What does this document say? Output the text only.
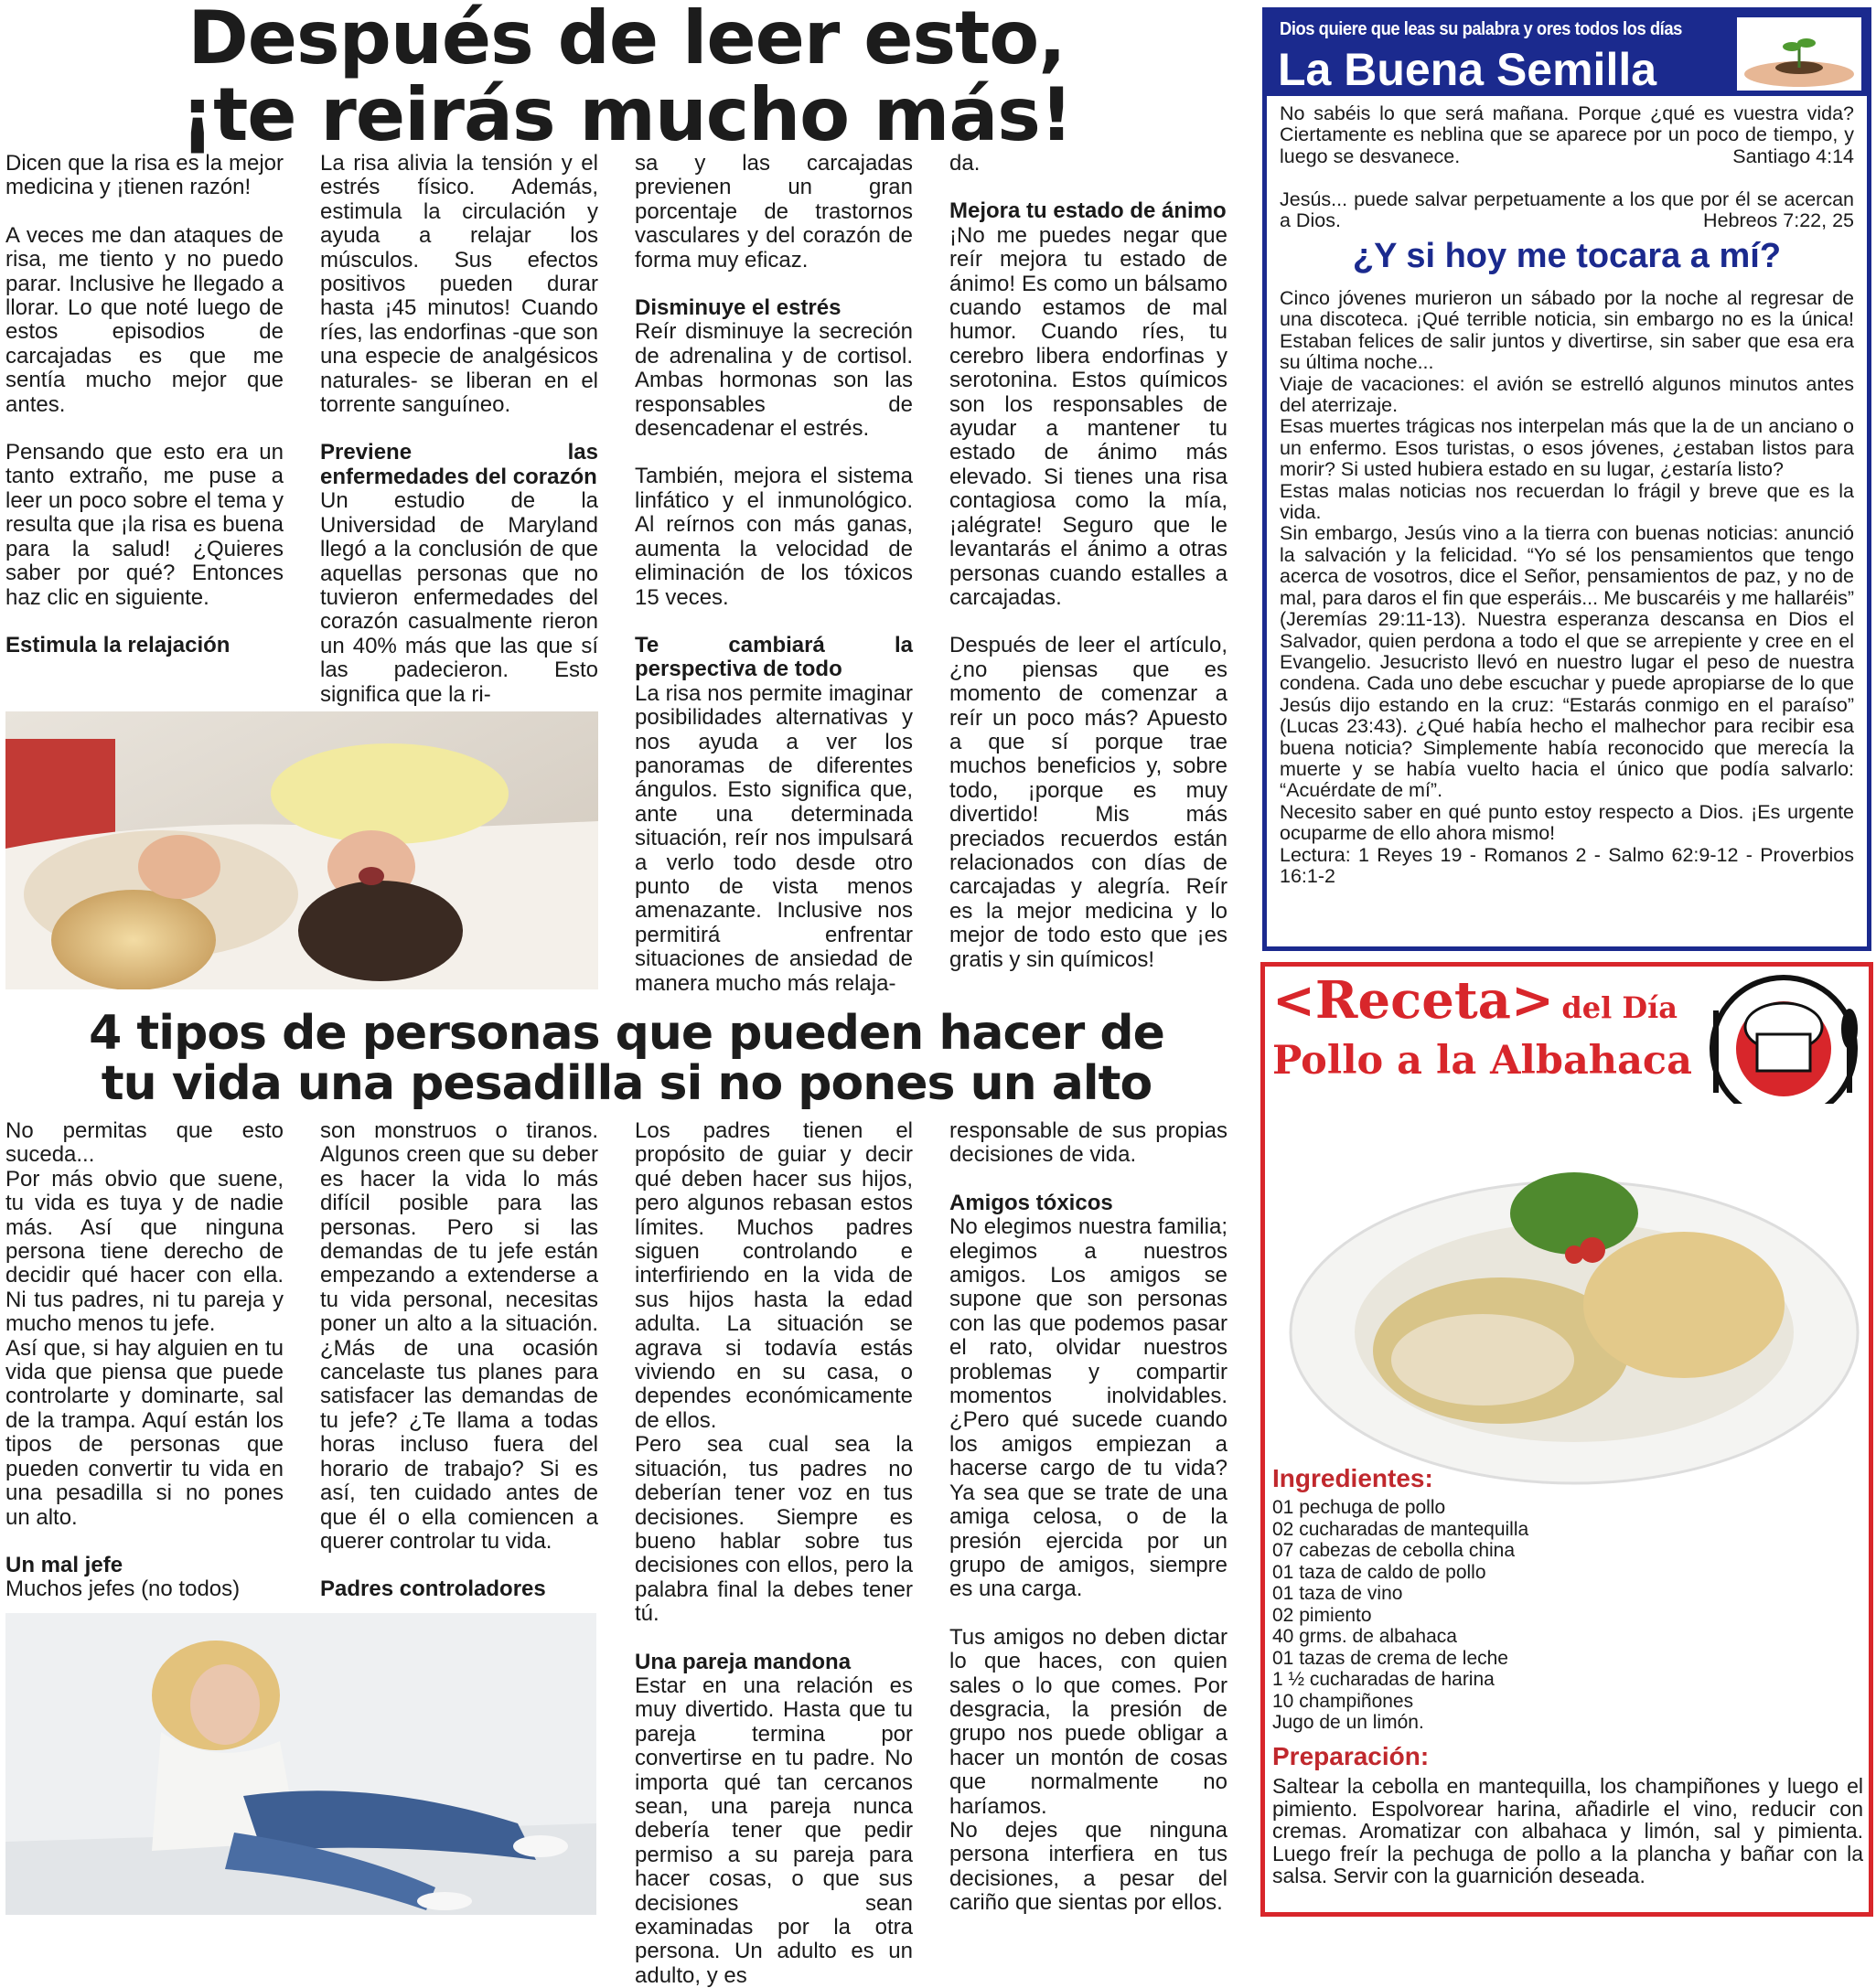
Después de leer esto,
¡te reirás mucho más!

Dicen que la risa es la mejor medicina y ¡tienen razón!

A veces me dan ataques de risa, me tiento y no puedo parar. Inclusive he llegado a llorar. Lo que noté luego de estos episodios de carcajadas es que me sentía mucho mejor que antes.

Pensando que esto era un tanto extraño, me puse a leer un poco sobre el tema y resulta que ¡la risa es buena para la salud! ¿Quieres saber por qué? Entonces haz clic en siguiente.

Estimula la relajación

La risa alivia la tensión y el estrés físico. Además, estimula la circulación y ayuda a relajar los músculos. Sus efectos positivos pueden durar hasta ¡45 minutos! Cuando ríes, las endorfinas -que son una especie de analgésicos naturales- se liberan en el torrente sanguíneo.

Previene las enfermedades del corazón

Un estudio de la Universidad de Maryland llegó a la conclusión de que aquellas personas que no tuvieron enfermedades del corazón casualmente rieron un 40% más que las que sí las padecieron. Esto significa que la ri-

sa y las carcajadas previenen un gran porcentaje de trastornos vasculares y del corazón de forma muy eficaz.

Disminuye el estrés

Reír disminuye la secreción de adrenalina y de cortisol. Ambas hormonas son las responsables de desencadenar el estrés.

También, mejora el sistema linfático y el inmunológico. Al reírnos con más ganas, aumenta la velocidad de eliminación de los tóxicos 15 veces.

Te cambiará la perspectiva de todo

La risa nos permite imaginar posibilidades alternativas y nos ayuda a ver los panoramas de diferentes ángulos. Esto significa que, ante una determinada situación, reír nos impulsará a verlo todo desde otro punto de vista menos amenazante. Inclusive nos permitirá enfrentar situaciones de ansiedad de manera mucho más relaja-

da.

Mejora tu estado de ánimo

¡No me puedes negar que reír mejora tu estado de ánimo! Es como un bálsamo cuando estamos de mal humor. Cuando ríes, tu cerebro libera endorfinas y serotonina. Estos químicos son los responsables de ayudar a mantener tu estado de ánimo más elevado. Si tienes una risa contagiosa como la mía, ¡alégrate! Seguro que le levantarás el ánimo a otras personas cuando estalles a carcajadas.

Después de leer el artículo, ¿no piensas que es momento de comenzar a reír un poco más? Apuesto a que sí porque trae muchos beneficios y, sobre todo, ¡porque es muy divertido! Mis más preciados recuerdos están relacionados con días de carcajadas y alegría. Reír es la mejor medicina y lo mejor de todo esto que ¡es gratis y sin químicos!

4 tipos de personas que pueden hacer de
tu vida una pesadilla si no pones un alto
No permitas que esto suceda...
Por más obvio que suene, tu vida es tuya y de nadie más. Así que ninguna persona tiene derecho de decidir qué hacer con ella. Ni tus padres, ni tu pareja y mucho menos tu jefe.

Así que, si hay alguien en tu vida que piensa que puede controlarte y dominarte, sal de la trampa. Aquí están los tipos de personas que pueden convertir tu vida en una pesadilla si no pones un alto.

Un mal jefe
Muchos jefes (no todos)

son monstruos o tiranos. Algunos creen que su deber es hacer la vida lo más difícil posible para las personas. Pero si las demandas de tu jefe están empezando a extenderse a tu vida personal, necesitas poner un alto a la situación. ¿Más de una ocasión cancelaste tus planes para satisfacer las demandas de tu jefe? ¿Te llama a todas horas incluso fuera del horario de trabajo? Si es así, ten cuidado antes de que él o ella comiencen a querer controlar tu vida.

Padres controladores
Los padres tienen el propósito de guiar y decir qué deben hacer sus hijos, pero algunos rebasan estos límites. Muchos padres siguen controlando e interfiriendo en la vida de sus hijos hasta la edad adulta. La situación se agrava si todavía estás viviendo en su casa, o dependes económicamente de ellos.

Pero sea cual sea la situación, tus padres no deberían tener voz en tus decisiones. Siempre es bueno hablar sobre tus decisiones con ellos, pero la palabra final la debes tener tú.

Una pareja mandona
Estar en una relación es muy divertido. Hasta que tu pareja termina por convertirse en tu padre. No importa qué tan cercanos sean, una pareja nunca debería tener que pedir permiso a su pareja para hacer cosas, o que sus decisiones sean examinadas por la otra persona. Un adulto es un adulto, y es

responsable de sus propias decisiones de vida.

Amigos tóxicos

No elegimos nuestra familia; elegimos a nuestros amigos. Los amigos se supone que son personas con las que podemos pasar el rato, olvidar nuestros problemas y compartir momentos inolvidables. ¿Pero qué sucede cuando los amigos empiezan a hacerse cargo de tu vida? Ya sea que se trate de una amiga celosa, o de la presión ejercida por un grupo de amigos, siempre es una carga.

Tus amigos no deben dictar lo que haces, con quien sales o lo que comes. Por desgracia, la presión de grupo nos puede obligar a hacer un montón de cosas que normalmente no haríamos.
No dejes que ninguna persona interfiera en tus decisiones, a pesar del cariño que sientas por ellos.
Dios quiere que leas su palabra y ores todos los días
La Buena Semilla
No sabéis lo que será mañana. Porque ¿qué es vuestra vida? Ciertamente es neblina que se aparece por un poco de tiempo, y luego se desvanece.	Santiago 4:14
Jesús... puede salvar perpetuamente a los que por él se acercan a Dios.	Hebreos 7:22, 25
¿Y si hoy me tocara a mí?
Cinco jóvenes murieron un sábado por la noche al regresar de una discoteca. ¡Qué terrible noticia, sin embargo no es la única! Estaban felices de salir juntos y divertirse, sin saber que esa era su última noche...
Viaje de vacaciones: el avión se estrelló algunos minutos antes del aterrizaje.
Esas muertes trágicas nos interpelan más que la de un anciano o un enfermo. Esos turistas, o esos jóvenes, ¿estaban listos para morir? Si usted hubiera estado en su lugar, ¿estaría listo?
Estas malas noticias nos recuerdan lo frágil y breve que es la vida.
Sin embargo, Jesús vino a la tierra con buenas noticias: anunció la salvación y la felicidad. “Yo sé los pensamientos que tengo acerca de vosotros, dice el Señor, pensamientos de paz, y no de mal, para daros el fin que esperáis... Me buscaréis y me hallaréis” (Jeremías 29:11-13). Nuestra esperanza descansa en Dios el Salvador, quien perdona a todo el que se arrepiente y cree en el Evangelio. Jesucristo llevó en nuestro lugar el peso de nuestra condena. Cada uno debe escuchar y puede apropiarse de lo que Jesús dijo estando en la cruz: “Estarás conmigo en el paraíso” (Lucas 23:43). ¿Qué había hecho el malhechor para recibir esa buena noticia? Simplemente había reconocido que merecía la muerte y se había vuelto hacia el único que podía salvarlo: “Acuérdate de mí”.
Necesito saber en qué punto estoy respecto a Dios. ¡Es urgente ocuparme de ello ahora mismo!
Lectura: 1 Reyes 19 - Romanos 2 - Salmo 62:9-12 - Proverbios 16:1-2
<Receta> del Día
Pollo a la Albahaca
Ingredientes:
01 pechuga de pollo
02 cucharadas de mantequilla
07 cabezas de cebolla china
01 taza de caldo de pollo
01 taza de vino
02 pimiento
40 grms. de albahaca
01 tazas de crema de leche
1 ½ cucharadas de harina
10 champiñones
Jugo de un limón.
Preparación:
Saltear la cebolla en mantequilla, los champiñones y luego el pimiento. Espolvorear harina, añadirle el vino, reducir con cremas. Aromatizar con albahaca y limón, sal y pimienta. Luego freír la pechuga de pollo a la plancha y bañar con la salsa. Servir con la guarnición deseada.
